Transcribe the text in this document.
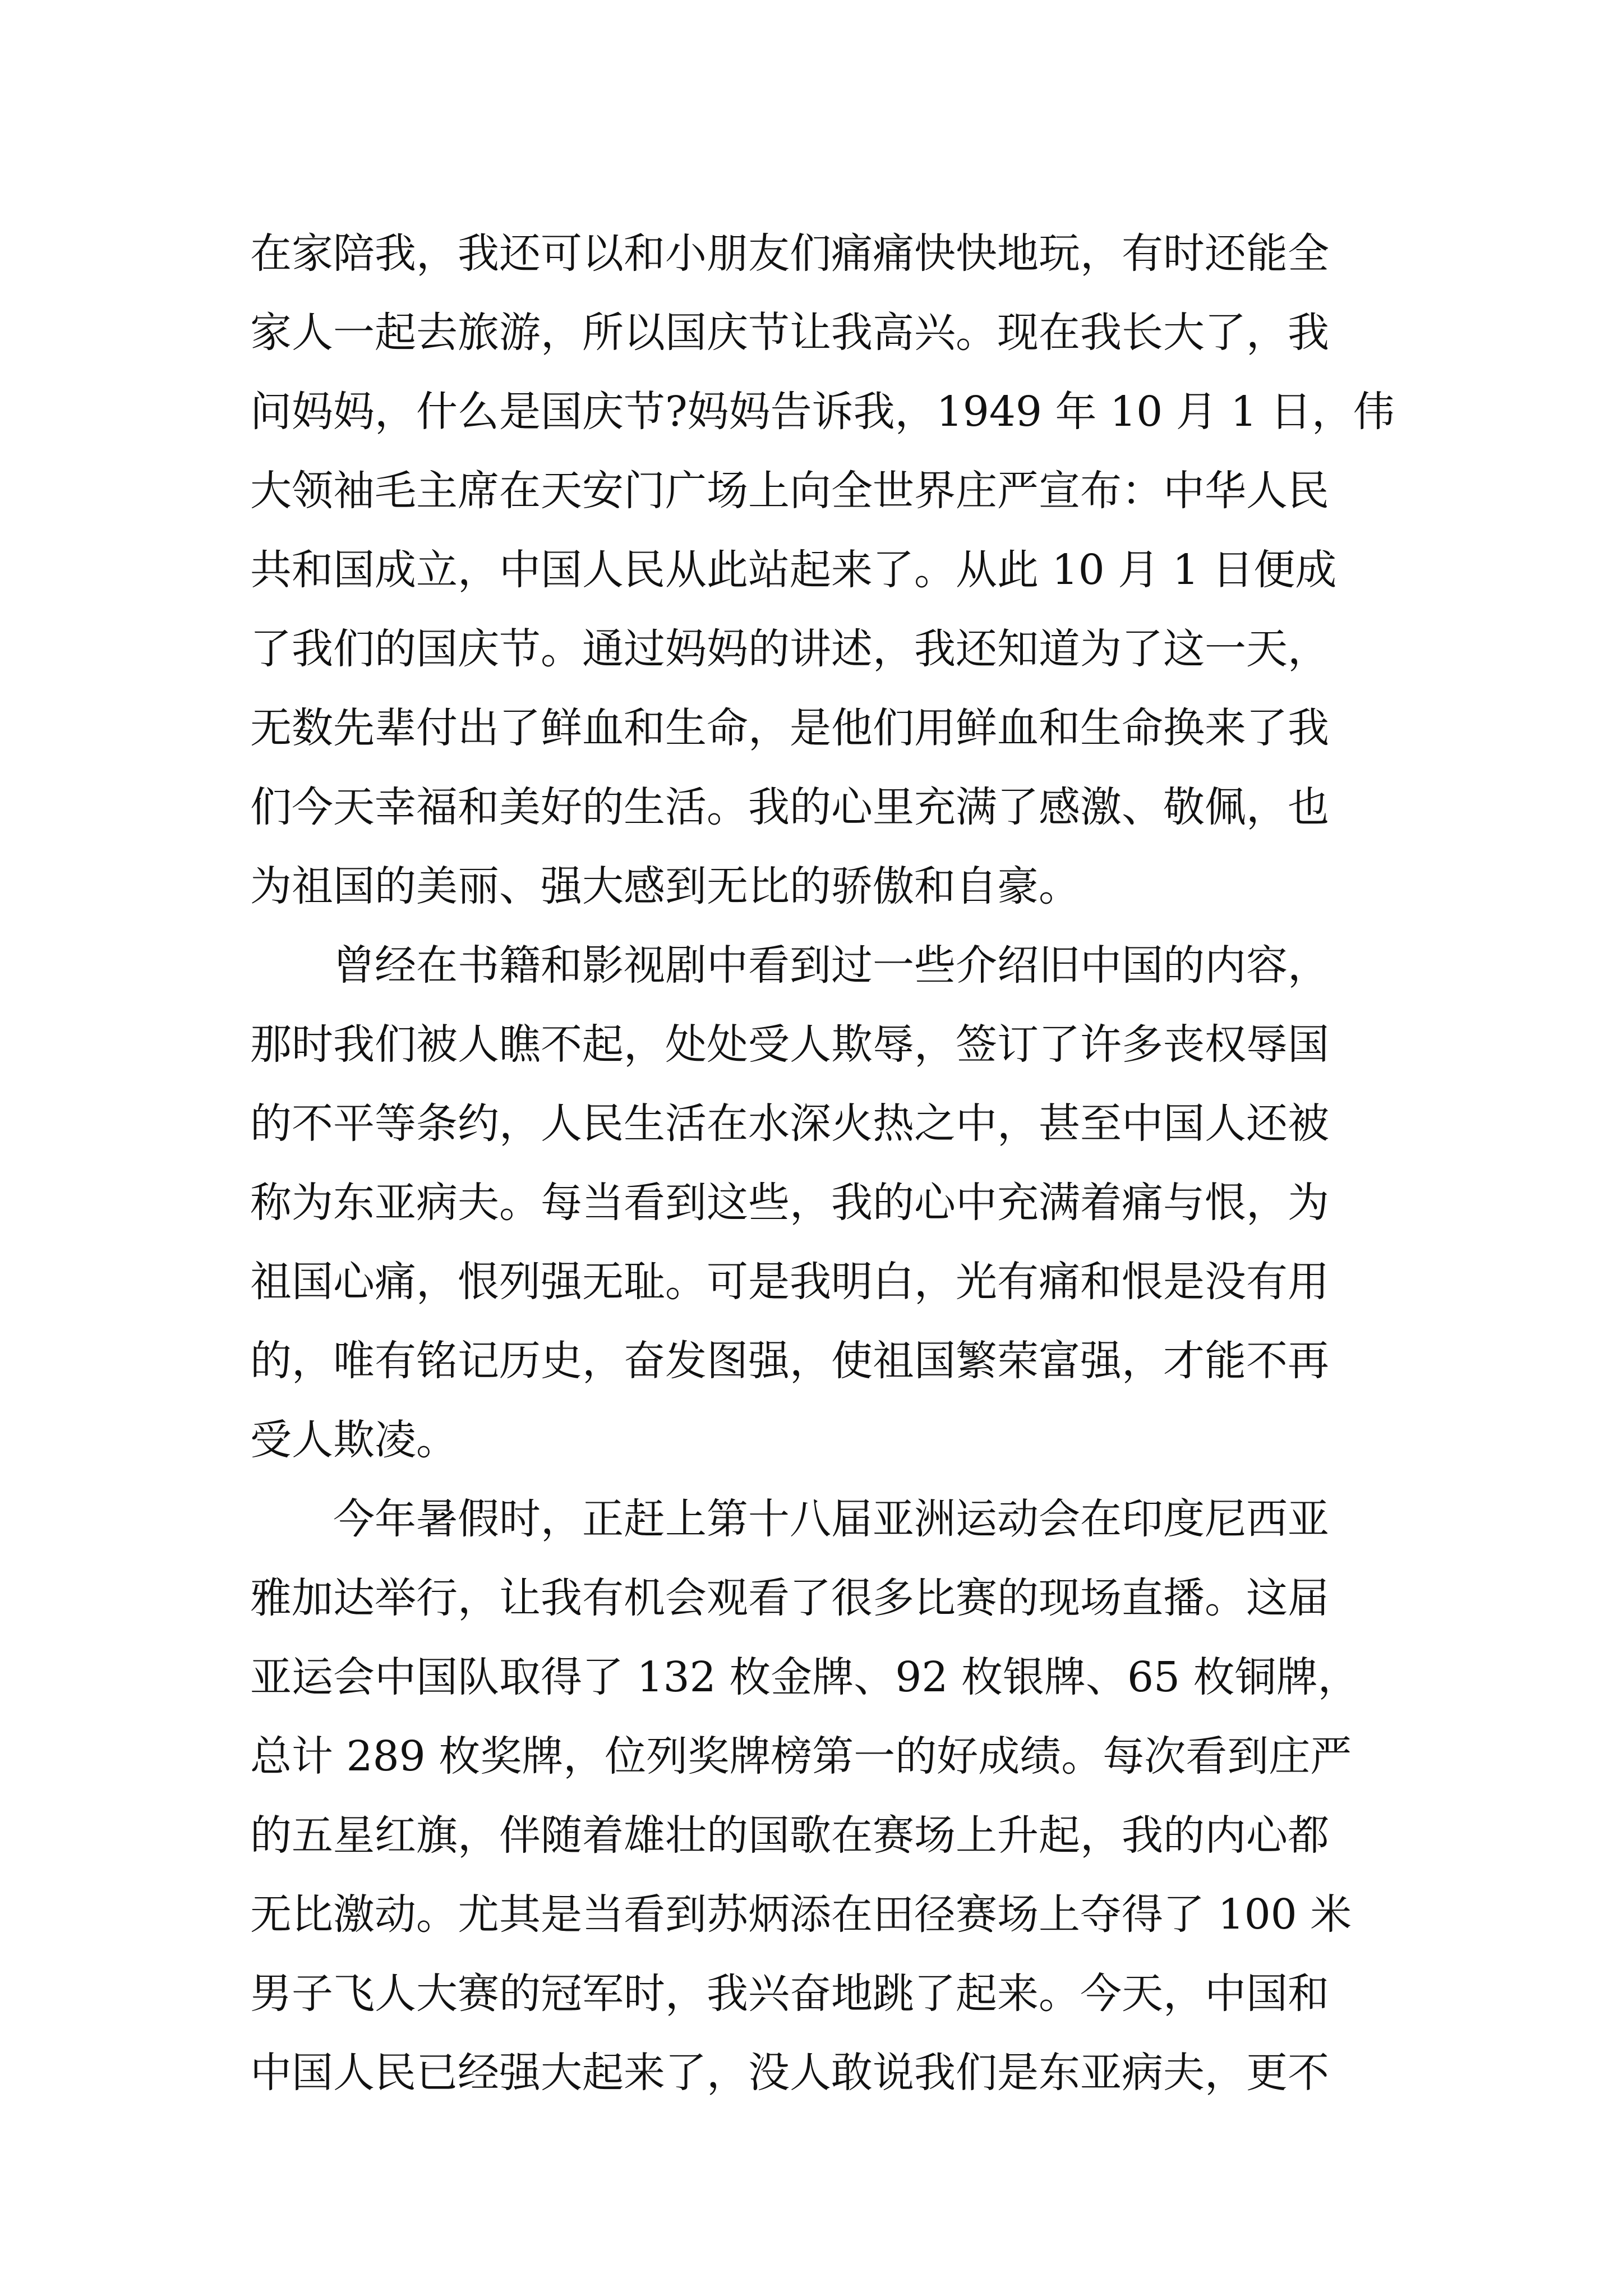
在家陪我，我还可以和小朋友们痛痛快快地玩，有时还能全
家人一起去旅游，所以国庆节让我高兴。现在我长大了，我
问妈妈，什么是国庆节?妈妈告诉我，1949 年 10 月 1 日，伟
大领袖毛主席在天安门广场上向全世界庄严宣布：中华人民
共和国成立，中国人民从此站起来了。从此 10 月 1 日便成
了我们的国庆节。通过妈妈的讲述，我还知道为了这一天，
无数先辈付出了鲜血和生命，是他们用鲜血和生命换来了我
们今天幸福和美好的生活。我的心里充满了感激、敬佩，也
为祖国的美丽、强大感到无比的骄傲和自豪。
　　曾经在书籍和影视剧中看到过一些介绍旧中国的内容，
那时我们被人瞧不起，处处受人欺辱，签订了许多丧权辱国
的不平等条约，人民生活在水深火热之中，甚至中国人还被
称为东亚病夫。每当看到这些，我的心中充满着痛与恨，为
祖国心痛，恨列强无耻。可是我明白，光有痛和恨是没有用
的，唯有铭记历史，奋发图强，使祖国繁荣富强，才能不再
受人欺凌。
　　今年暑假时，正赶上第十八届亚洲运动会在印度尼西亚
雅加达举行，让我有机会观看了很多比赛的现场直播。这届
亚运会中国队取得了 132 枚金牌、92 枚银牌、65 枚铜牌，
总计 289 枚奖牌，位列奖牌榜第一的好成绩。每次看到庄严
的五星红旗，伴随着雄壮的国歌在赛场上升起，我的内心都
无比激动。尤其是当看到苏炳添在田径赛场上夺得了 100 米
男子飞人大赛的冠军时，我兴奋地跳了起来。今天，中国和
中国人民已经强大起来了，没人敢说我们是东亚病夫，更不
